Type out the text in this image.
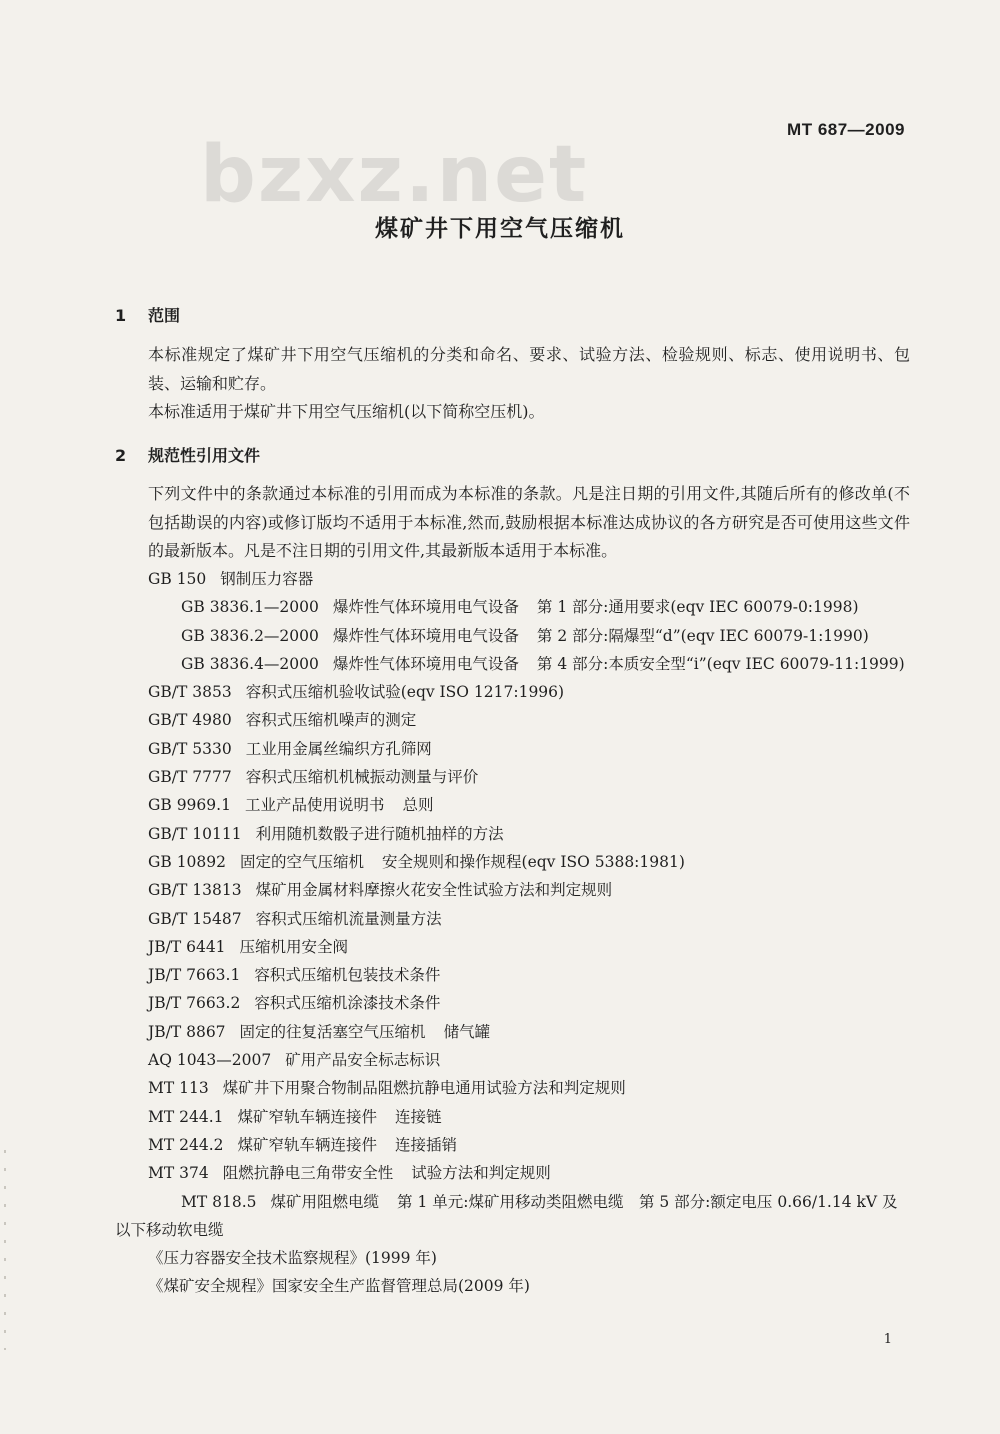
bzxz.net
MT 687—2009
煤矿井下用空气压缩机
1 范围
本标准规定了煤矿井下用空气压缩机的分类和命名、要求、试验方法、检验规则、标志、使用说明书、包装、运输和贮存。
本标准适用于煤矿井下用空气压缩机(以下简称空压机)。
2 规范性引用文件
下列文件中的条款通过本标准的引用而成为本标准的条款。凡是注日期的引用文件,其随后所有的修改单(不包括勘误的内容)或修订版均不适用于本标准,然而,鼓励根据本标准达成协议的各方研究是否可使用这些文件的最新版本。凡是不注日期的引用文件,其最新版本适用于本标准。
GB 150 钢制压力容器
GB 3836.1—2000 爆炸性气体环境用电气设备 第 1 部分:通用要求(eqv IEC 60079-0:1998)
GB 3836.2—2000 爆炸性气体环境用电气设备 第 2 部分:隔爆型“d”(eqv IEC 60079-1:1990)
GB 3836.4—2000 爆炸性气体环境用电气设备 第 4 部分:本质安全型“i”(eqv IEC 60079-11:1999)
GB/T 3853 容积式压缩机验收试验(eqv ISO 1217:1996)
GB/T 4980 容积式压缩机噪声的测定
GB/T 5330 工业用金属丝编织方孔筛网
GB/T 7777 容积式压缩机机械振动测量与评价
GB 9969.1 工业产品使用说明书 总则
GB/T 10111 利用随机数骰子进行随机抽样的方法
GB 10892 固定的空气压缩机 安全规则和操作规程(eqv ISO 5388:1981)
GB/T 13813 煤矿用金属材料摩擦火花安全性试验方法和判定规则
GB/T 15487 容积式压缩机流量测量方法
JB/T 6441 压缩机用安全阀
JB/T 7663.1 容积式压缩机包装技术条件
JB/T 7663.2 容积式压缩机涂漆技术条件
JB/T 8867 固定的往复活塞空气压缩机 储气罐
AQ 1043—2007 矿用产品安全标志标识
MT 113 煤矿井下用聚合物制品阻燃抗静电通用试验方法和判定规则
MT 244.1 煤矿窄轨车辆连接件 连接链
MT 244.2 煤矿窄轨车辆连接件 连接插销
MT 374 阻燃抗静电三角带安全性 试验方法和判定规则
MT 818.5 煤矿用阻燃电缆 第 1 单元:煤矿用移动类阻燃电缆　第 5 部分:额定电压 0.66/1.14 kV 及以下移动软电缆
《压力容器安全技术监察规程》(1999 年)
《煤矿安全规程》国家安全生产监督管理总局(2009 年)
1
